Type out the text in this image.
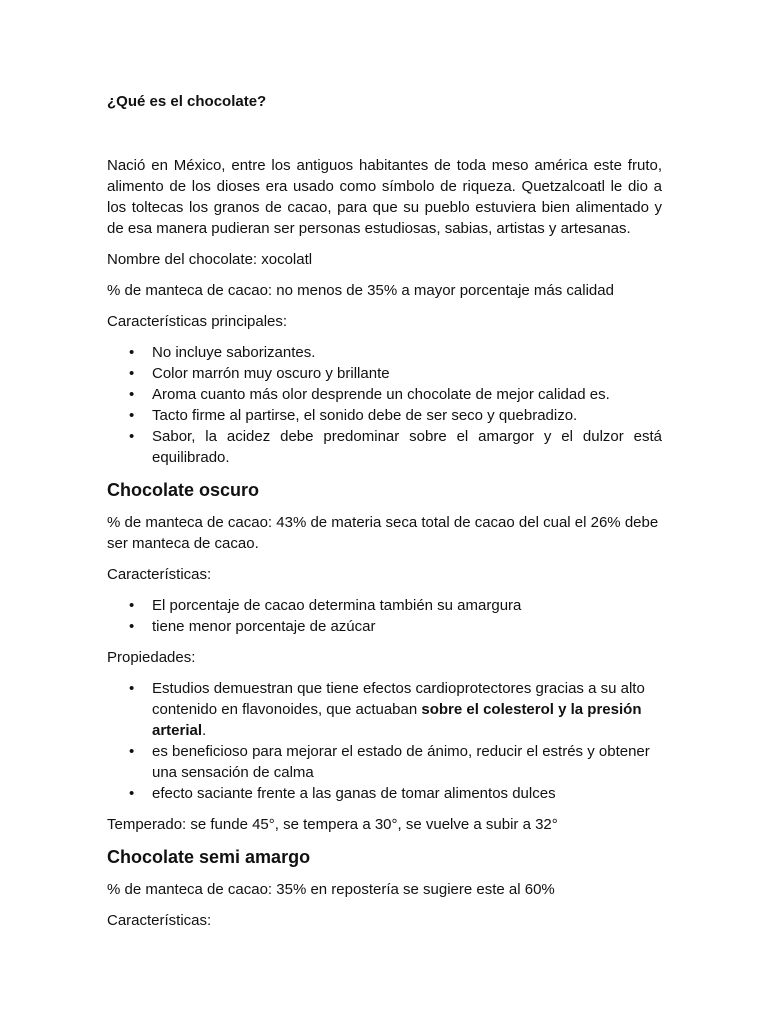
¿Qué es el chocolate?

Nació en México, entre los antiguos habitantes de toda meso américa este fruto, alimento de los dioses era usado como símbolo de riqueza. Quetzalcoatl le dio a los toltecas los granos de cacao, para que su pueblo estuviera bien alimentado y de esa manera pudieran ser personas estudiosas, sabias, artistas y artesanas.

Nombre del chocolate: xocolatl

% de manteca de cacao: no menos de 35% a mayor porcentaje más calidad

Características principales:

• No incluye saborizantes.
• Color marrón muy oscuro y brillante
• Aroma cuanto más olor desprende un chocolate de mejor calidad es.
• Tacto firme al partirse, el sonido debe de ser seco y quebradizo.
• Sabor, la acidez debe predominar sobre el amargor y el dulzor está equilibrado.
Chocolate oscuro

% de manteca de cacao: 43% de materia seca total de cacao del cual el 26% debe ser manteca de cacao.

Características:

• El porcentaje de cacao determina también su amargura
• tiene menor porcentaje de azúcar

Propiedades:

• Estudios demuestran que tiene efectos cardioprotectores gracias a su alto contenido en flavonoides, que actuaban sobre el colesterol y la presión arterial.
• es beneficioso para mejorar el estado de ánimo, reducir el estrés y obtener una sensación de calma
• efecto saciante frente a las ganas de tomar alimentos dulces

Temperado: se funde 45°, se tempera a 30°, se vuelve a subir a 32°

Chocolate semi amargo

% de manteca de cacao: 35% en repostería se sugiere este al 60%

Características:
